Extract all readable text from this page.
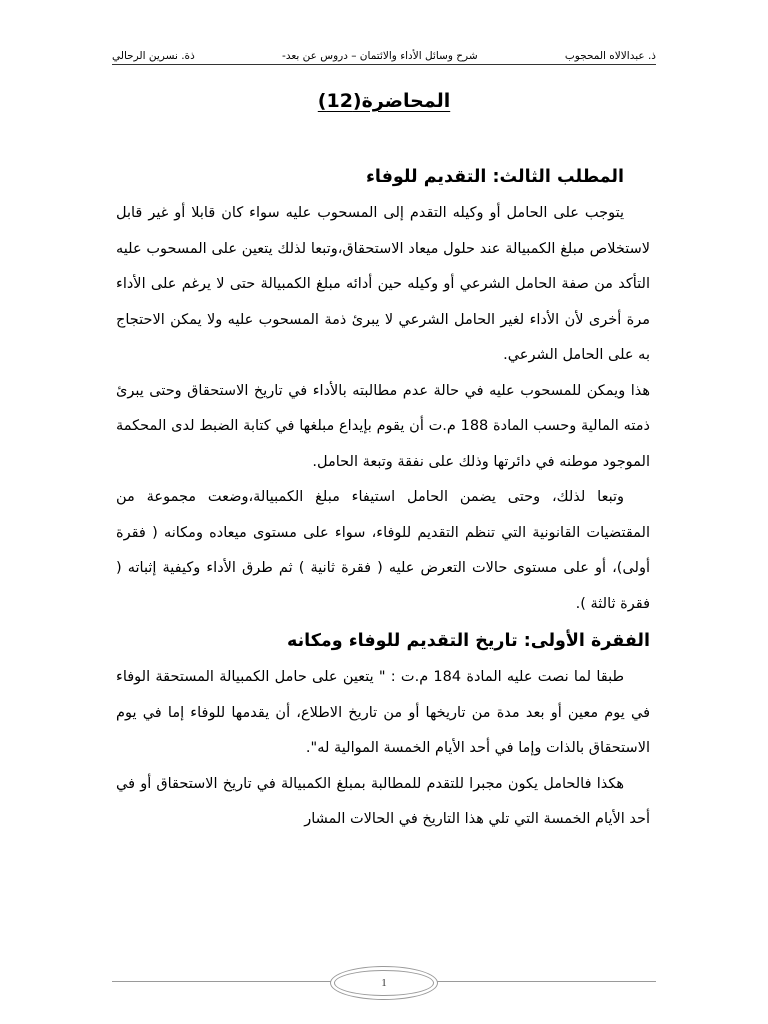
ذ. عبدالالاه المحجوب
شرح وسائل الأداء والائتمان – دروس عن بعد-
ذة. نسرين الرحالي
المحاضرة(12)

المطلب الثالث: التقديم للوفاء

يتوجب على الحامل أو وكيله التقدم إلى المسحوب عليه سواء كان قابلا أو غير قابل لاستخلاص مبلغ الكمبيالة عند حلول ميعاد الاستحقاق،وتبعا لذلك يتعين على المسحوب عليه التأكد من صفة الحامل الشرعي أو وكيله حين أدائه مبلغ الكمبيالة حتى لا يرغم على الأداء مرة أخرى لأن الأداء لغير الحامل الشرعي لا يبرئ ذمة المسحوب عليه ولا يمكن الاحتجاج به على الحامل الشرعي.

هذا ويمكن للمسحوب عليه في حالة عدم مطالبته بالأداء في تاريخ الاستحقاق وحتى يبرئ ذمته المالية وحسب المادة 188 م.ت أن يقوم بإيداع مبلغها في كتابة الضبط لدى المحكمة الموجود موطنه في دائرتها وذلك على نفقة وتبعة الحامل.

وتبعا لذلك، وحتى يضمن الحامل استيفاء مبلغ الكمبيالة،وضعت مجموعة من المقتضيات القانونية التي تنظم التقديم للوفاء، سواء على مستوى ميعاده ومكانه ( فقرة أولى)، أو على مستوى حالات التعرض عليه ( فقرة ثانية ) ثم طرق الأداء وكيفية إثباته ( فقرة ثالثة ).

الفقرة الأولى: تاريخ التقديم للوفاء ومكانه

طبقا لما نصت عليه المادة 184 م.ت : " يتعين على حامل الكمبيالة المستحقة الوفاء في يوم معين أو بعد مدة من تاريخها أو من تاريخ الاطلاع، أن يقدمها للوفاء إما في يوم الاستحقاق بالذات وإما في أحد الأيام الخمسة الموالية له".

هكذا فالحامل يكون مجبرا للتقدم للمطالبة بمبلغ الكمبيالة في تاريخ الاستحقاق أو في أحد الأيام الخمسة التي تلي هذا التاريخ في الحالات المشار

1
